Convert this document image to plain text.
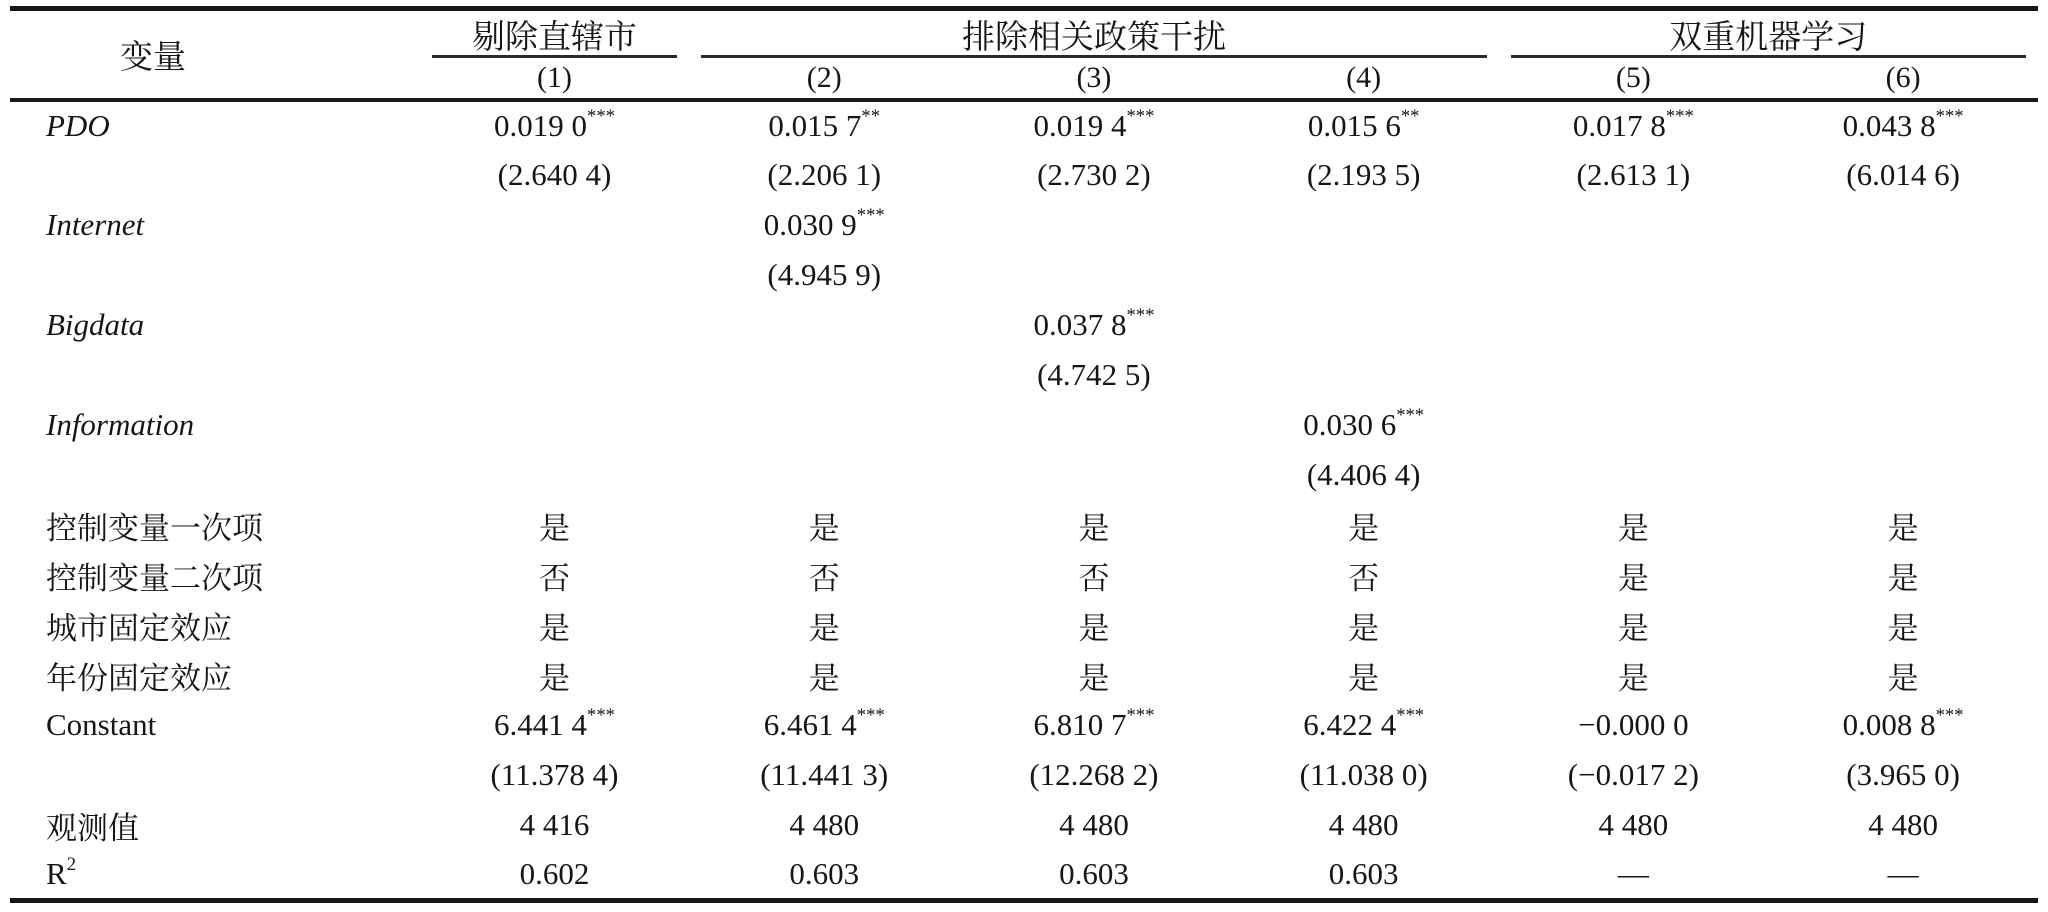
变量	剔除直辖市	排除相关政策干扰			双重机器学习	
	(1)	(2)	(3)	(4)	(5)	(6)
PDO	0.019 0***	0.015 7**	0.019 4***	0.015 6**	0.017 8***	0.043 8***
	(2.640 4)	(2.206 1)	(2.730 2)	(2.193 5)	(2.613 1)	(6.014 6)
Internet		0.030 9***				
		(4.945 9)				
Bigdata			0.037 8***			
			(4.742 5)			
Information				0.030 6***		
				(4.406 4)		
控制变量一次项	是	是	是	是	是	是
控制变量二次项	否	否	否	否	是	是
城市固定效应	是	是	是	是	是	是
年份固定效应	是	是	是	是	是	是
Constant	6.441 4***	6.461 4***	6.810 7***	6.422 4***	−0.000 0	0.008 8***
	(11.378 4)	(11.441 3)	(12.268 2)	(11.038 0)	(−0.017 2)	(3.965 0)
观测值	4 416	4 480	4 480	4 480	4 480	4 480
$R^2$	0.602	0.603	0.603	0.603	—	—
